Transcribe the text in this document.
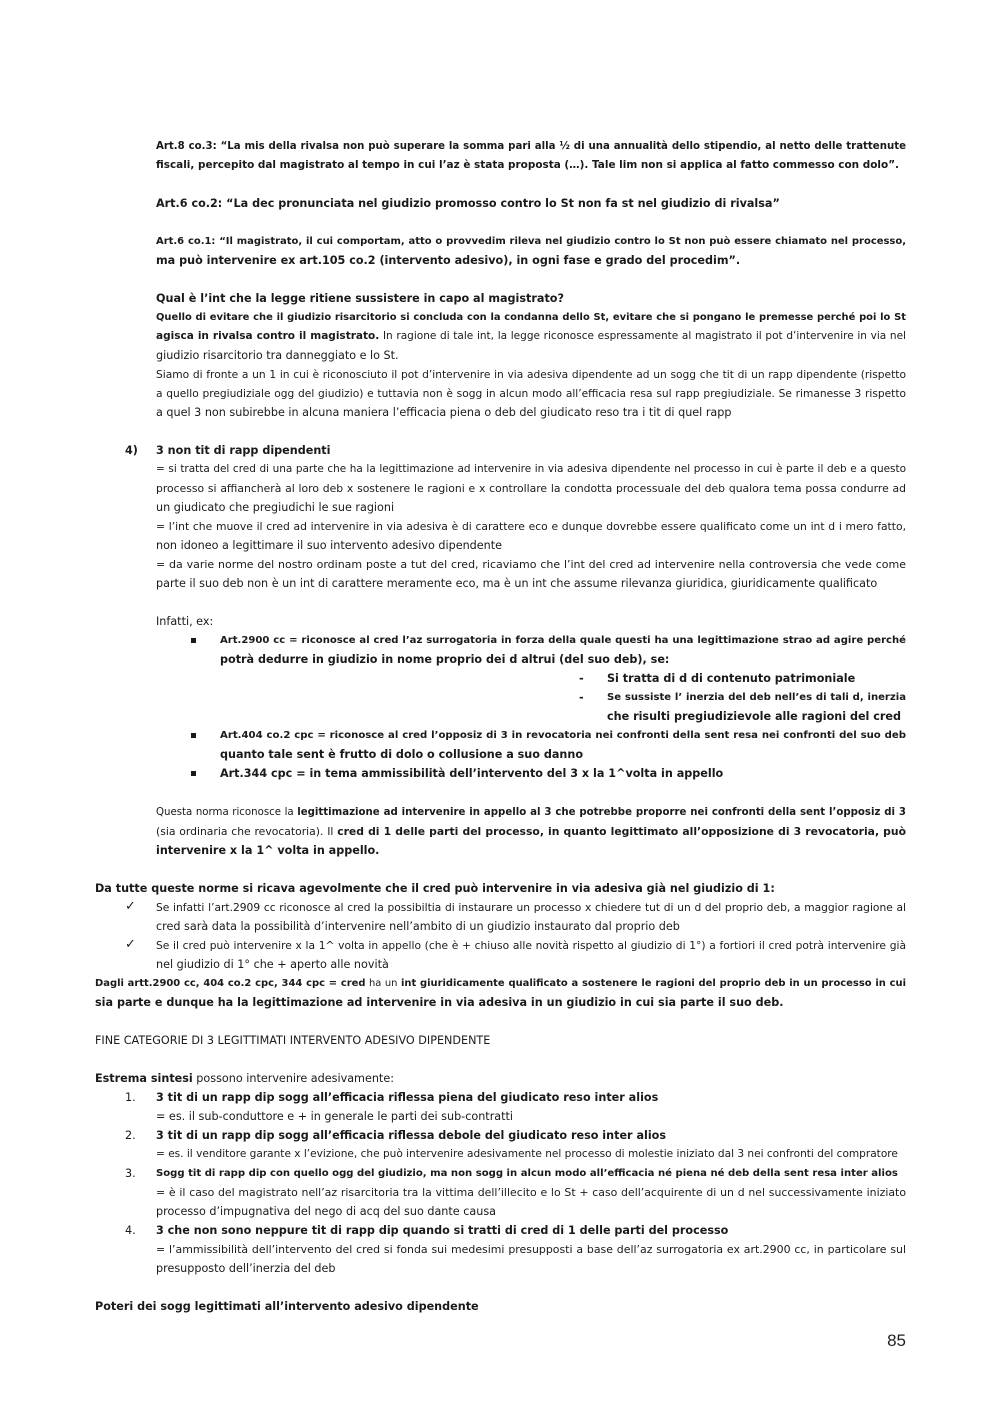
Art.8 co.3: “La mis della rivalsa non può superare la somma pari alla ½ di una annualità dello stipendio, al netto delle trattenute
fiscali, percepito dal magistrato al tempo in cui l’az è stata proposta (…). Tale lim non si applica al fatto commesso con dolo”.
Art.6 co.2: “La dec pronunciata nel giudizio promosso contro lo St non fa st nel giudizio di rivalsa”
Art.6 co.1: “Il magistrato, il cui comportam, atto o provvedim rileva nel giudizio contro lo St non può essere chiamato nel processo,
ma può intervenire ex art.105 co.2 (intervento adesivo), in ogni fase e grado del procedim”.
Qual è l’int che la legge ritiene sussistere in capo al magistrato?
Quello di evitare che il giudizio risarcitorio si concluda con la condanna dello St, evitare che si pongano le premesse perché poi lo St
agisca in rivalsa contro il magistrato. In ragione di tale int, la legge riconosce espressamente al magistrato il pot d’intervenire in via nel
giudizio risarcitorio tra danneggiato e lo St.
Siamo di fronte a un 1 in cui è riconosciuto il pot d’intervenire in via adesiva dipendente ad un sogg che tit di un rapp dipendente (rispetto
a quello pregiudiziale ogg del giudizio) e tuttavia non è sogg in alcun modo all’efficacia resa sul rapp pregiudiziale. Se rimanesse 3 rispetto
a quel 3 non subirebbe in alcuna maniera l’efficacia piena o deb del giudicato reso tra i tit di quel rapp
4) 3 non tit di rapp dipendenti
= si tratta del cred di una parte che ha la legittimazione ad intervenire in via adesiva dipendente nel processo in cui è parte il deb e a questo
processo si affiancherà al loro deb x sostenere le ragioni e x controllare la condotta processuale del deb qualora tema possa condurre ad
un giudicato che pregiudichi le sue ragioni
= l’int che muove il cred ad intervenire in via adesiva è di carattere eco e dunque dovrebbe essere qualificato come un int d i mero fatto,
non idoneo a legittimare il suo intervento adesivo dipendente
= da varie norme del nostro ordinam poste a tut del cred, ricaviamo che l’int del cred ad intervenire nella controversia che vede come
parte il suo deb non è un int di carattere meramente eco, ma è un int che assume rilevanza giuridica, giuridicamente qualificato
Infatti, ex:
Art.2900 cc = riconosce al cred l’az surrogatoria in forza della quale questi ha una legittimazione strao ad agire perché
potrà dedurre in giudizio in nome proprio dei d altrui (del suo deb), se:
- Si tratta di d di contenuto patrimoniale
- Se sussiste l’ inerzia del deb nell’es di tali d, inerzia
che risulti pregiudizievole alle ragioni del cred
Art.404 co.2 cpc = riconosce al cred l’opposiz di 3 in revocatoria nei confronti della sent resa nei confronti del suo deb
quanto tale sent è frutto di dolo o collusione a suo danno
Art.344 cpc = in tema ammissibilità dell’intervento del 3 x la 1^volta in appello
Questa norma riconosce la legittimazione ad intervenire in appello al 3 che potrebbe proporre nei confronti della sent l’opposiz di 3
(sia ordinaria che revocatoria). Il cred di 1 delle parti del processo, in quanto legittimato all’opposizione di 3 revocatoria, può
intervenire x la 1^ volta in appello.
Da tutte queste norme si ricava agevolmente che il cred può intervenire in via adesiva già nel giudizio di 1:
✓ Se infatti l’art.2909 cc riconosce al cred la possibiltia di instaurare un processo x chiedere tut di un d del proprio deb, a maggior ragione al
cred sarà data la possibilità d’intervenire nell’ambito di un giudizio instaurato dal proprio deb
✓ Se il cred può intervenire x la 1^ volta in appello (che è + chiuso alle novità rispetto al giudizio di 1°) a fortiori il cred potrà intervenire già
nel giudizio di 1° che + aperto alle novità
Dagli artt.2900 cc, 404 co.2 cpc, 344 cpc = cred ha un int giuridicamente qualificato a sostenere le ragioni del proprio deb in un processo in cui
sia parte e dunque ha la legittimazione ad intervenire in via adesiva in un giudizio in cui sia parte il suo deb.
FINE CATEGORIE DI 3 LEGITTIMATI INTERVENTO ADESIVO DIPENDENTE
Estrema sintesi possono intervenire adesivamente:
1. 3 tit di un rapp dip sogg all’efficacia riflessa piena del giudicato reso inter alios
= es. il sub-conduttore e + in generale le parti dei sub-contratti
2. 3 tit di un rapp dip sogg all’efficacia riflessa debole del giudicato reso inter alios
= es. il venditore garante x l’evizione, che può intervenire adesivamente nel processo di molestie iniziato dal 3 nei confronti del compratore
3. Sogg tit di rapp dip con quello ogg del giudizio, ma non sogg in alcun modo all’efficacia né piena né deb della sent resa inter alios
= è il caso del magistrato nell’az risarcitoria tra la vittima dell’illecito e lo St + caso dell’acquirente di un d nel successivamente iniziato
processo d’impugnativa del nego di acq del suo dante causa
4. 3 che non sono neppure tit di rapp dip quando si tratti di cred di 1 delle parti del processo
= l’ammissibilità dell’intervento del cred si fonda sui medesimi presupposti a base dell’az surrogatoria ex art.2900 cc, in particolare sul
presupposto dell’inerzia del deb
Poteri dei sogg legittimati all’intervento adesivo dipendente
85
